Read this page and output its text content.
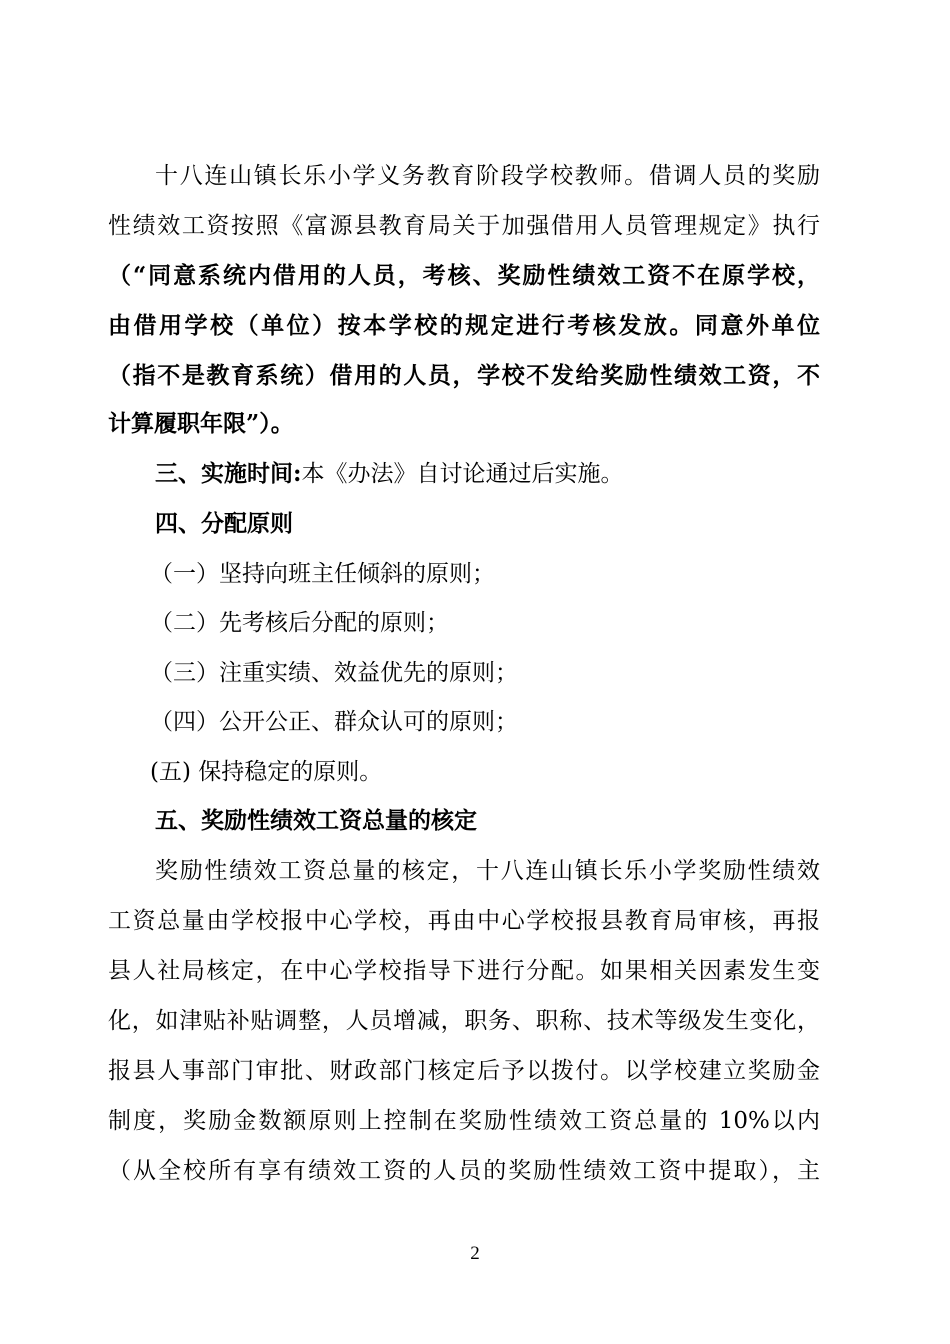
十八连山镇长乐小学义务教育阶段学校教师。借调人员的奖励
性绩效工资按照《富源县教育局关于加强借用人员管理规定》执行
（“同意系统内借用的人员，考核、奖励性绩效工资不在原学校，
由借用学校（单位）按本学校的规定进行考核发放。同意外单位
（指不是教育系统）借用的人员，学校不发给奖励性绩效工资，不
计算履职年限”）。
三、实施时间:本《办法》自讨论通过后实施。
四、分配原则
（一）坚持向班主任倾斜的原则；
（二）先考核后分配的原则；
（三）注重实绩、效益优先的原则；
（四）公开公正、群众认可的原则；
(五) 保持稳定的原则。
五、奖励性绩效工资总量的核定
奖励性绩效工资总量的核定，十八连山镇长乐小学奖励性绩效
工资总量由学校报中心学校，再由中心学校报县教育局审核，再报
县人社局核定，在中心学校指导下进行分配。如果相关因素发生变
化，如津贴补贴调整，人员增减，职务、职称、技术等级发生变化，
报县人事部门审批、财政部门核定后予以拨付。以学校建立奖励金
制度，奖励金数额原则上控制在奖励性绩效工资总量的 10%以内
（从全校所有享有绩效工资的人员的奖励性绩效工资中提取），主
2
